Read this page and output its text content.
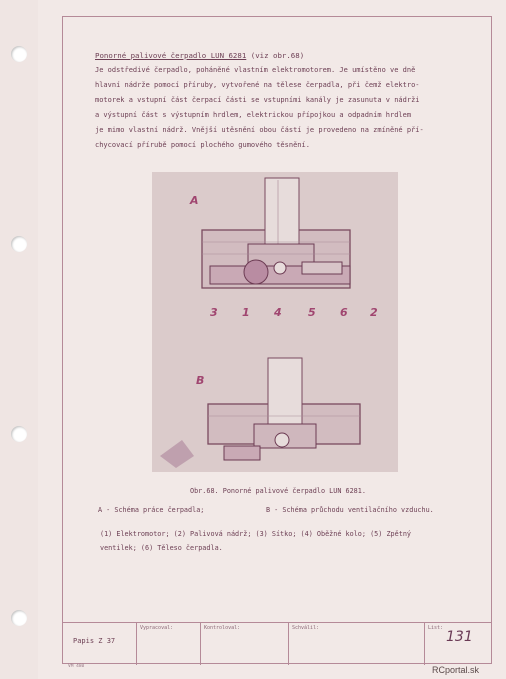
Ponorné palivové čerpadlo LUN 6281 (viz obr.68)
Je odstředivé čerpadlo, poháněné vlastním elektromotorem. Je umístěno ve dně
hlavní nádrže pomocí příruby, vytvořené na tělese čerpadla, při čemž elektro-
motorek a vstupní část čerpací části se vstupními kanály je zasunuta v nádrži
a výstupní část s výstupním hrdlem, elektrickou přípojkou a odpadním hrdlem
je mimo vlastní nádrž. Vnější utěsnění obou částí je provedeno na zmíněné pří-
chycovací přírubě pomocí plochého gumového těsnění.
A
3 1 4 5 6 2
B
Obr.68. Ponorné palivové čerpadlo LUN 6281.
A - Schéma práce čerpadla;	B - Schéma průchodu ventilačního vzduchu.
(1) Elektromotor; (2) Palivová nádrž; (3) Sítko; (4) Oběžné kolo; (5) Zpětný
ventilek; (6) Těleso čerpadla.
Papis Z 37
Vypracoval:	Kontroloval:	Schválil:	List:
131
VM 480	RCportal.sk
